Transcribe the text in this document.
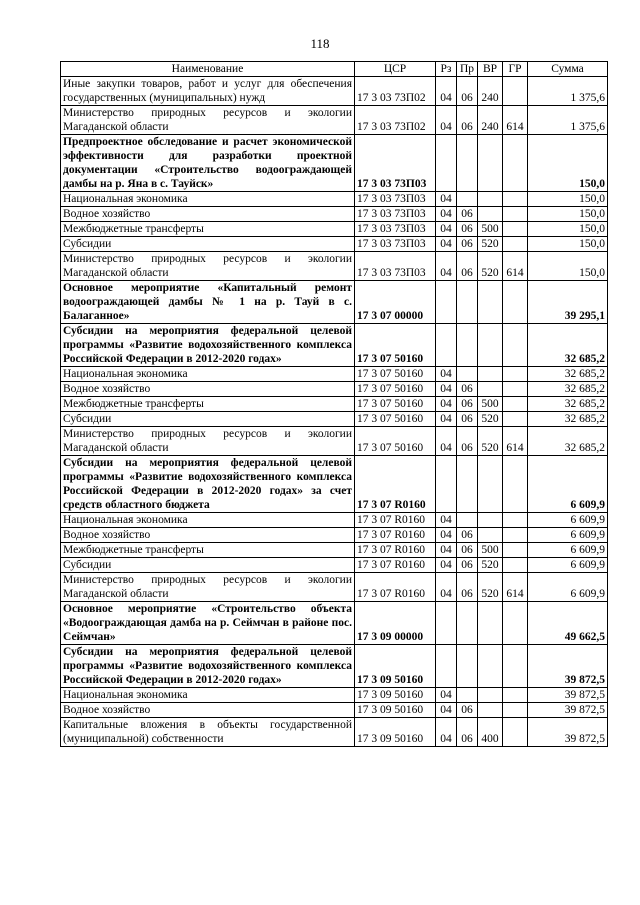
118
Наименование	ЦСР	Рз	Пр	ВР	ГР	Сумма
Иные закупки товаров, работ и услуг для обеспечения государственных (муниципальных) нужд	17 3 03 73П02	04	06	240		1 375,6
Министерство природных ресурсов и экологии Магаданской области	17 3 03 73П02	04	06	240	614	1 375,6
Предпроектное обследование и расчет экономической эффективности для разработки проектной документации «Строительство водоограждающей дамбы на р. Яна в с. Тауйск»	17 3 03 73П03					150,0
Национальная экономика	17 3 03 73П03	04				150,0
Водное хозяйство	17 3 03 73П03	04	06			150,0
Межбюджетные трансферты	17 3 03 73П03	04	06	500		150,0
Субсидии	17 3 03 73П03	04	06	520		150,0
Министерство природных ресурсов и экологии Магаданской области	17 3 03 73П03	04	06	520	614	150,0
Основное мероприятие «Капитальный ремонт водоограждающей дамбы № 1 на р. Тауй в с. Балаганное»	17 3 07 00000					39 295,1
Субсидии на мероприятия федеральной целевой программы «Развитие водохозяйственного комплекса Российской Федерации в 2012-2020 годах»	17 3 07 50160					32 685,2
Национальная экономика	17 3 07 50160	04				32 685,2
Водное хозяйство	17 3 07 50160	04	06			32 685,2
Межбюджетные трансферты	17 3 07 50160	04	06	500		32 685,2
Субсидии	17 3 07 50160	04	06	520		32 685,2
Министерство природных ресурсов и экологии Магаданской области	17 3 07 50160	04	06	520	614	32 685,2
Субсидии на мероприятия федеральной целевой программы «Развитие водохозяйственного комплекса Российской Федерации в 2012-2020 годах» за счет средств областного бюджета	17 3 07 R0160					6 609,9
Национальная экономика	17 3 07 R0160	04				6 609,9
Водное хозяйство	17 3 07 R0160	04	06			6 609,9
Межбюджетные трансферты	17 3 07 R0160	04	06	500		6 609,9
Субсидии	17 3 07 R0160	04	06	520		6 609,9
Министерство природных ресурсов и экологии Магаданской области	17 3 07 R0160	04	06	520	614	6 609,9
Основное мероприятие «Строительство объекта «Водоограждающая дамба на р. Сеймчан в районе пос. Сеймчан»	17 3 09 00000					49 662,5
Субсидии на мероприятия федеральной целевой программы «Развитие водохозяйственного комплекса Российской Федерации в 2012-2020 годах»	17 3 09 50160					39 872,5
Национальная экономика	17 3 09 50160	04				39 872,5
Водное хозяйство	17 3 09 50160	04	06			39 872,5
Капитальные вложения в объекты государственной (муниципальной) собственности	17 3 09 50160	04	06	400		39 872,5
